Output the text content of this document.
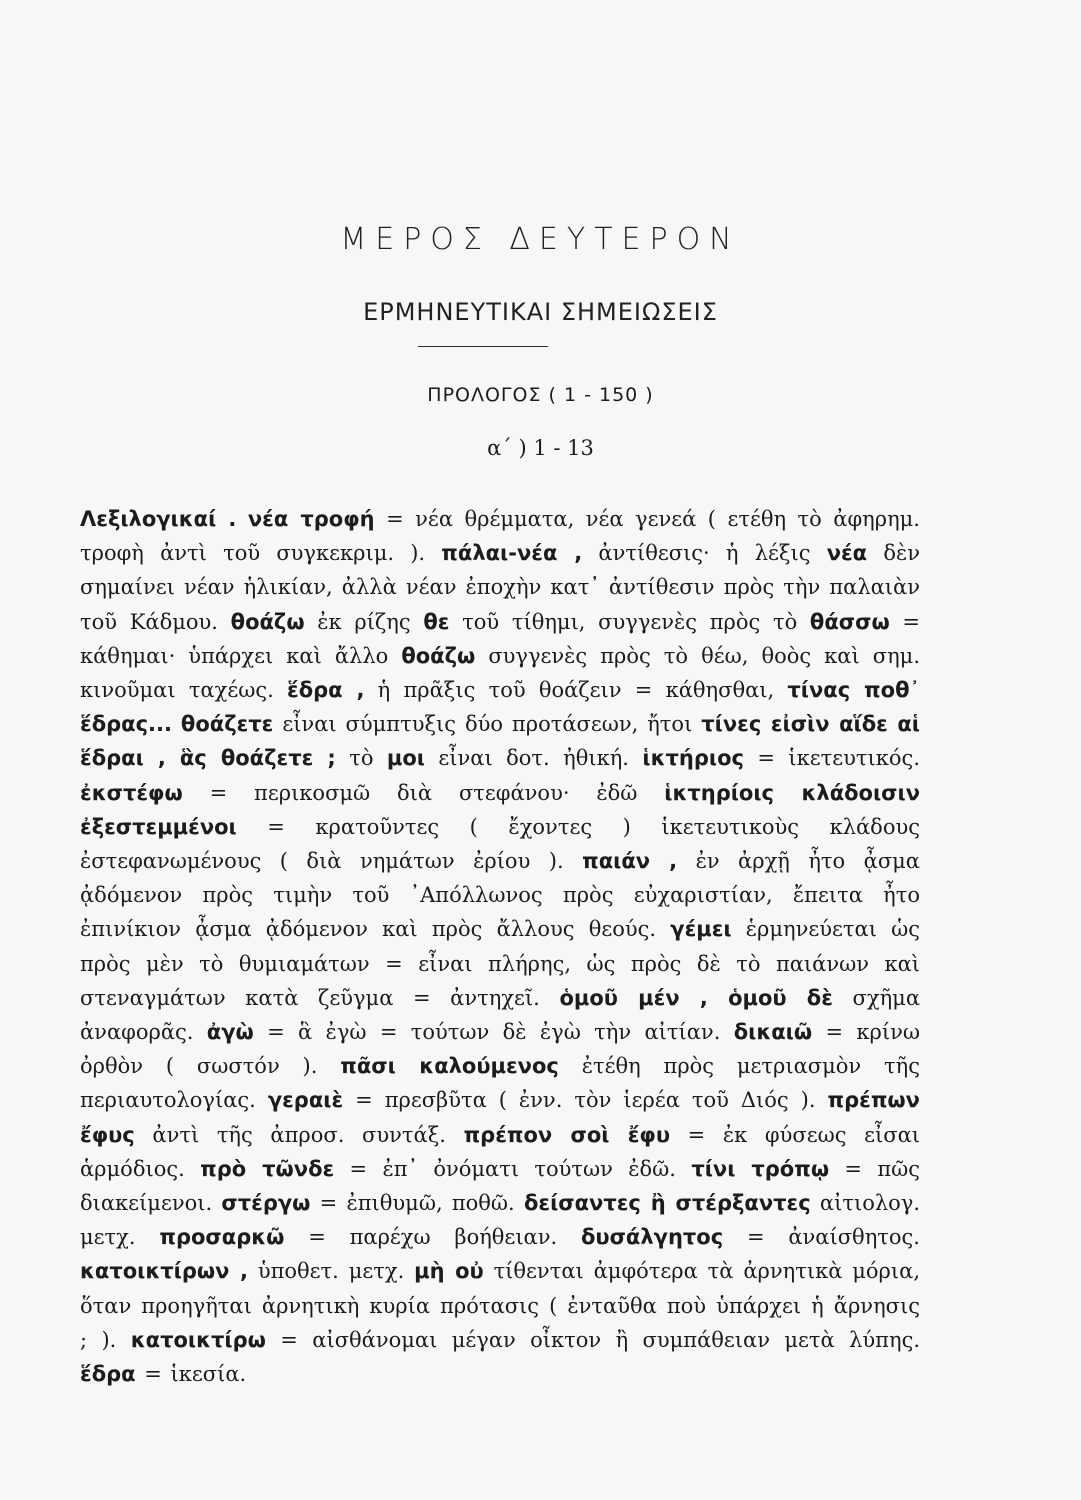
ΜΕΡΟΣ ΔΕΥΤΕΡΟΝ
ΕΡΜΗΝΕΥΤΙΚΑΙ ΣΗΜΕΙΩΣΕΙΣ
ΠΡΟΛΟΓΟΣ ( 1 - 150 )
α΄ ) 1 - 13
Λεξιλογικαί . νέα τροφή = νέα θρέμματα, νέα γενεά ( ετέθη τὸ ἀφηρημ. τροφὴ ἀντὶ τοῦ συγκεκριμ. ). πάλαι-νέα , ἀντίθεσις· ἡ λέξις νέα δὲν σημαίνει νέαν ἡλικίαν, ἀλλὰ νέαν ἐποχὴν κατ᾽ ἀντίθεσιν πρὸς τὴν παλαιὰν τοῦ Κάδμου. θοάζω ἐκ ρίζης θε τοῦ τίθημι, συγγενὲς πρὸς τὸ θάσσω = κάθημαι· ὑπάρχει καὶ ἄλλο θοάζω συγγενὲς πρὸς τὸ θέω, θοὸς καὶ σημ. κινοῦμαι ταχέως. ἕδρα , ἡ πρᾶξις τοῦ θοάζειν = κάθησθαι, τίνας ποθ᾽ ἕδρας... θοάζετε εἶναι σύμπτυξις δύο προτάσεων, ἤτοι τίνες εἰσὶν αἵδε αἱ ἕδραι , ἃς θοάζετε ; τὸ μοι εἶναι δοτ. ἠθική. ἱκτήριος = ἱκετευτικός. ἐκστέφω = περικοσμῶ διὰ στεφάνου· ἐδῶ ἱκτηρίοις κλάδοισιν ἐξεστεμμένοι = κρατοῦντες ( ἔχοντες ) ἱκετευτικοὺς κλάδους ἐστεφανωμένους ( διὰ νημάτων ἐρίου ). παιάν , ἐν ἀρχῇ ἦτο ᾆσμα ᾀδόμενον πρὸς τιμὴν τοῦ ᾿Απόλλωνος πρὸς εὐχαριστίαν, ἔπειτα ἦτο ἐπινίκιον ᾆσμα ᾀδόμενον καὶ πρὸς ἄλλους θεούς. γέμει ἑρμηνεύεται ὡς πρὸς μὲν τὸ θυμιαμάτων = εἶναι πλήρης, ὡς πρὸς δὲ τὸ παιάνων καὶ στεναγμάτων κατὰ ζεῦγμα = ἀντηχεῖ. ὁμοῦ μέν , ὁμοῦ δὲ σχῆμα ἀναφορᾶς. ἀγὼ = ἃ ἐγὼ = τούτων δὲ ἐγὼ τὴν αἰτίαν. δικαιῶ = κρίνω ὀρθὸν ( σωστόν ). πᾶσι καλούμενος ἐτέθη πρὸς μετριασμὸν τῆς περιαυτολογίας. γεραιὲ = πρεσβῦτα ( ἐνν. τὸν ἱερέα τοῦ Διός ). πρέπων ἔφυς ἀντὶ τῆς ἀπροσ. συντάξ. πρέπον σοὶ ἔφυ = ἐκ φύσεως εἶσαι ἁρμόδιος. πρὸ τῶνδε = ἐπ᾽ ὀνόματι τούτων ἐδῶ. τίνι τρόπῳ = πῶς διακείμενοι. στέργω = ἐπιθυμῶ, ποθῶ. δείσαντες ἢ στέρξαντες αἰτιολογ. μετχ. προσαρκῶ = παρέχω βοήθειαν. δυσάλγητος = ἀναίσθητος. κατοικτίρων , ὑποθετ. μετχ. μὴ οὐ τίθενται ἀμφότερα τὰ ἀρνητικὰ μόρια, ὅταν προηγῆται ἀρνητικὴ κυρία πρότασις ( ἐνταῦθα ποὺ ὑπάρχει ἡ ἄρνησις ; ). κατοικτίρω = αἰσθάνομαι μέγαν οἶκτον ἢ συμπάθειαν μετὰ λύπης. ἕδρα = ἱκεσία.
